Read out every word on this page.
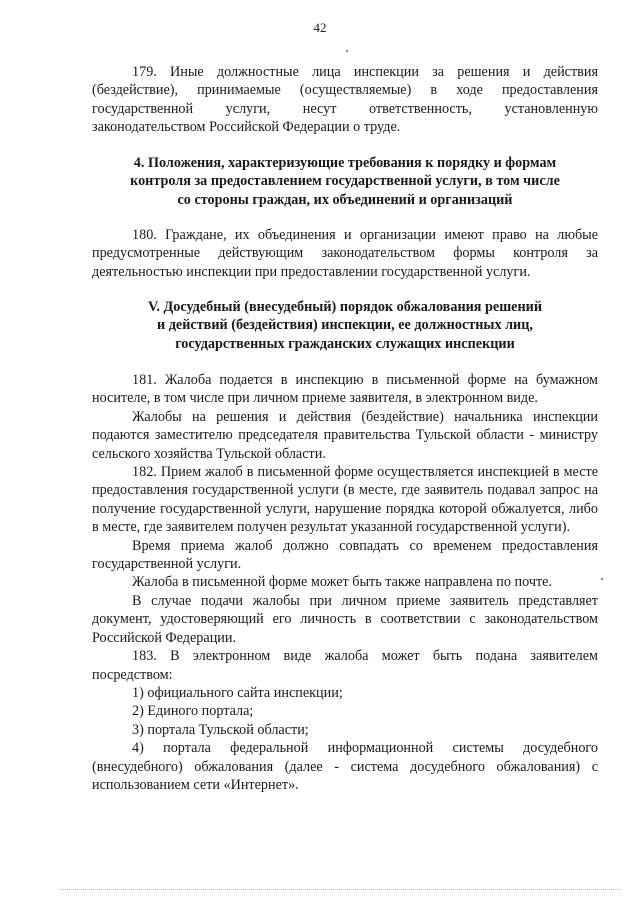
42

179. Иные должностные лица инспекции за решения и действия (бездействие), принимаемые (осуществляемые) в ходе предоставления государственной услуги, несут ответственность, установленную законодательством Российской Федерации о труде.

4. Положения, характеризующие требования к порядку и формам
контроля за предоставлением государственной услуги, в том числе
со стороны граждан, их объединений и организаций

180. Граждане, их объединения и организации имеют право на любые предусмотренные действующим законодательством формы контроля за деятельностью инспекции при предоставлении государственной услуги.

V. Досудебный (внесудебный) порядок обжалования решений
и действий (бездействия) инспекции, ее должностных лиц,
государственных гражданских служащих инспекции

181. Жалоба подается в инспекцию в письменной форме на бумажном носителе, в том числе при личном приеме заявителя, в электронном виде.

Жалобы на решения и действия (бездействие) начальника инспекции подаются заместителю председателя правительства Тульской области - министру сельского хозяйства Тульской области.

182. Прием жалоб в письменной форме осуществляется инспекцией в месте предоставления государственной услуги (в месте, где заявитель подавал запрос на получение государственной услуги, нарушение порядка которой обжалуется, либо в месте, где заявителем получен результат указанной государственной услуги).

Время приема жалоб должно совпадать со временем предоставления государственной услуги.

Жалоба в письменной форме может быть также направлена по почте.

В случае подачи жалобы при личном приеме заявитель представляет документ, удостоверяющий его личность в соответствии с законодательством Российской Федерации.

183. В электронном виде жалоба может быть подана заявителем посредством:

1) официального сайта инспекции;

2) Единого портала;

3) портала Тульской области;

4) портала федеральной информационной системы досудебного (внесудебного) обжалования (далее - система досудебного обжалования) с использованием сети «Интернет».
